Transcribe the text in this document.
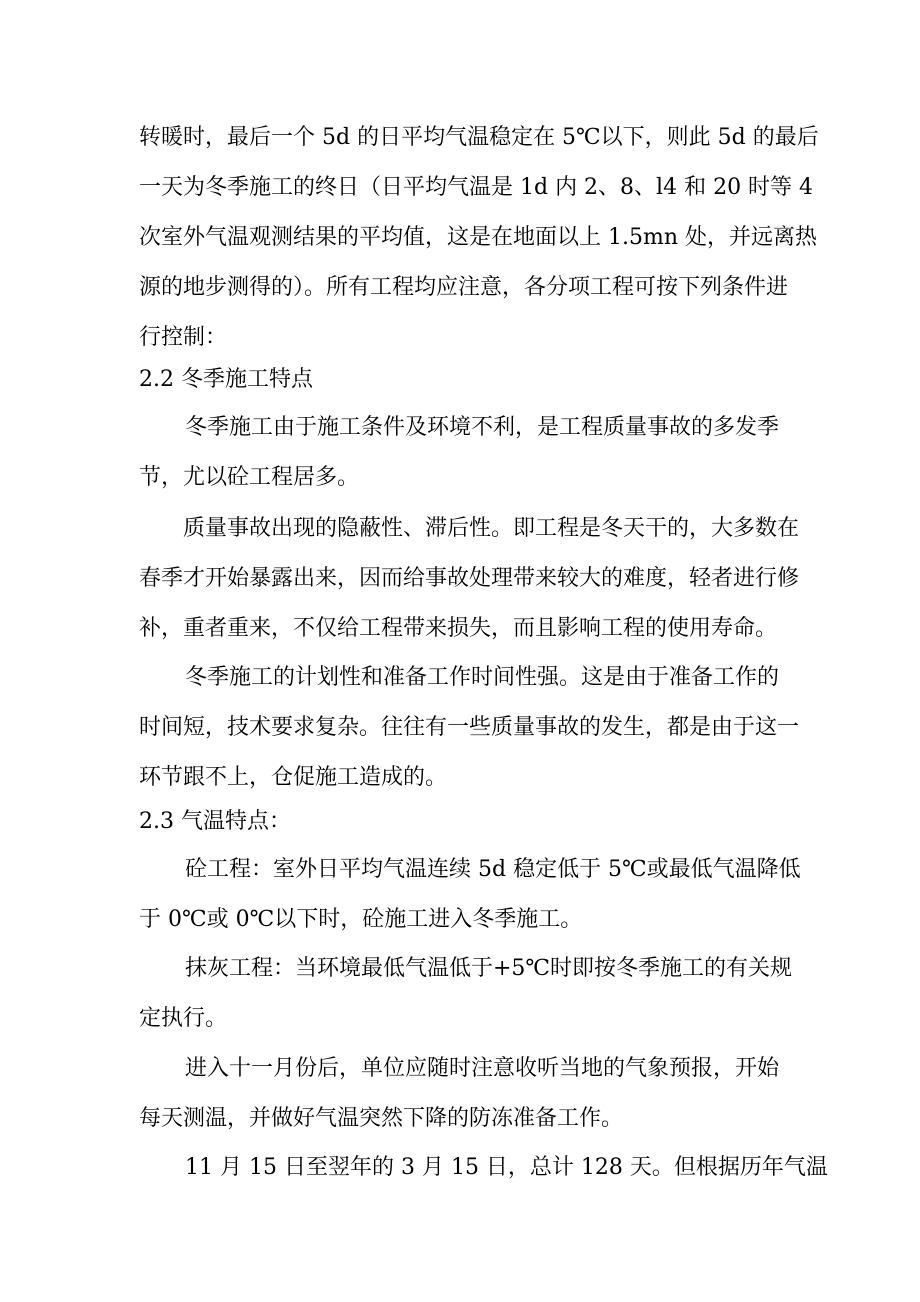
转暖时，最后一个 5d 的日平均气温稳定在 5℃以下，则此 5d 的最后
一天为冬季施工的终日（日平均气温是 1d 内 2、8、l4 和 20 时等 4
次室外气温观测结果的平均值，这是在地面以上 1.5mn 处，并远离热
源的地步测得的）。所有工程均应注意，各分项工程可按下列条件进
行控制：
2.2 冬季施工特点
冬季施工由于施工条件及环境不利，是工程质量事故的多发季
节，尤以砼工程居多。
质量事故出现的隐蔽性、滞后性。即工程是冬天干的，大多数在
春季才开始暴露出来，因而给事故处理带来较大的难度，轻者进行修
补，重者重来，不仅给工程带来损失，而且影响工程的使用寿命。
冬季施工的计划性和准备工作时间性强。这是由于准备工作的
时间短，技术要求复杂。往往有一些质量事故的发生，都是由于这一
环节跟不上，仓促施工造成的。
2.3 气温特点：
砼工程：室外日平均气温连续 5d 稳定低于 5℃或最低气温降低
于 0℃或 0℃以下时，砼施工进入冬季施工。
抹灰工程：当环境最低气温低于+5℃时即按冬季施工的有关规
定执行。
进入十一月份后，单位应随时注意收听当地的气象预报，开始
每天测温，并做好气温突然下降的防冻准备工作。
11 月 15 日至翌年的 3 月 15 日，总计 128 天。但根据历年气温
